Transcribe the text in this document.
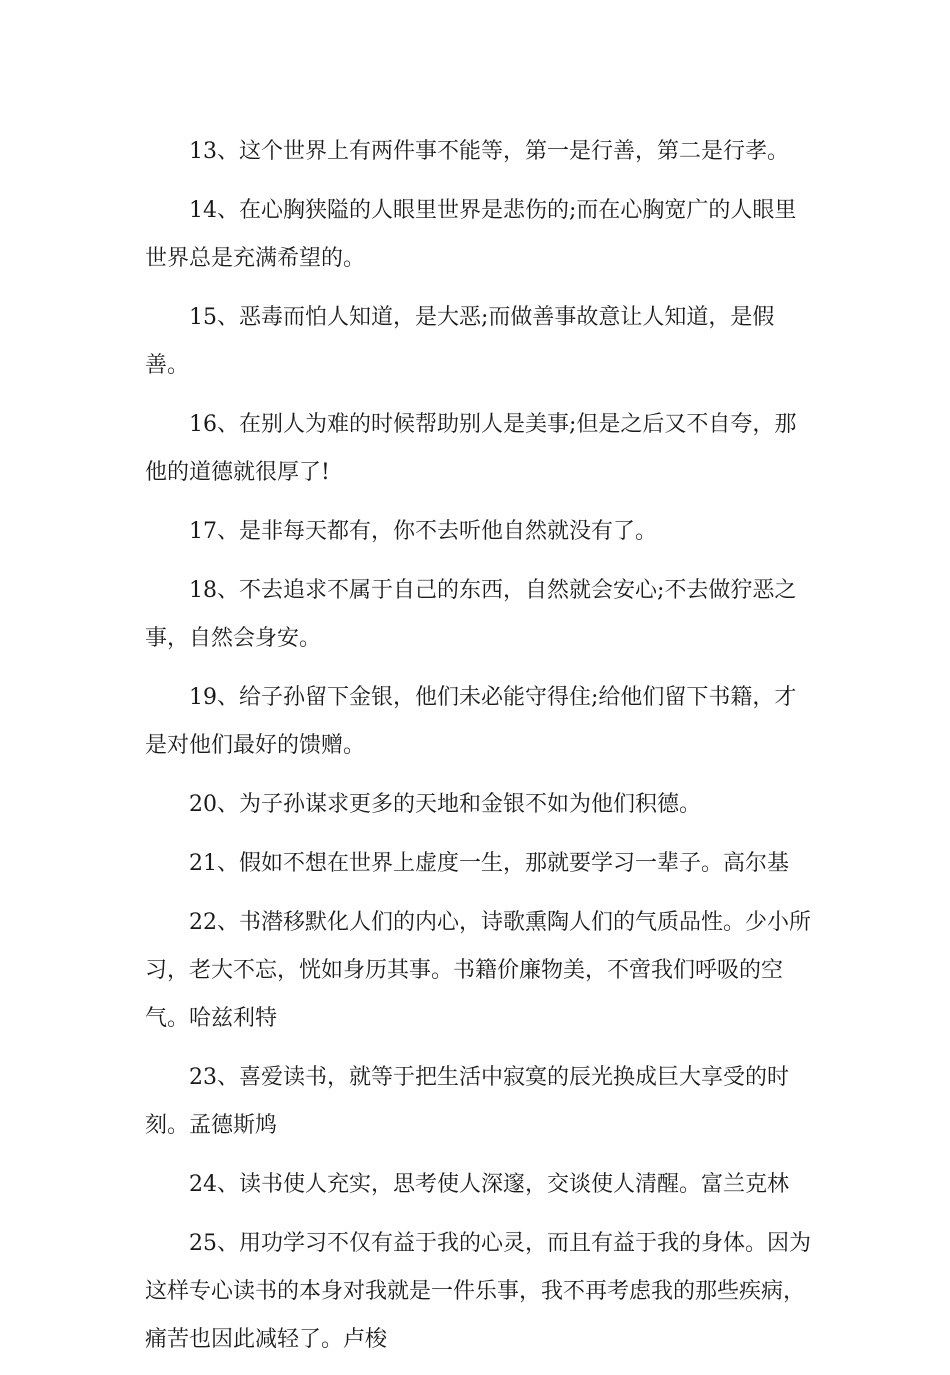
13、这个世界上有两件事不能等，第一是行善，第二是行孝。

14、在心胸狭隘的人眼里世界是悲伤的;而在心胸宽广的人眼里世界总是充满希望的。

15、恶毒而怕人知道，是大恶;而做善事故意让人知道，是假善。

16、在别人为难的时候帮助别人是美事;但是之后又不自夸，那他的道德就很厚了!

17、是非每天都有，你不去听他自然就没有了。

18、不去追求不属于自己的东西，自然就会安心;不去做狞恶之事，自然会身安。

19、给子孙留下金银，他们未必能守得住;给他们留下书籍，才是对他们最好的馈赠。

20、为子孙谋求更多的天地和金银不如为他们积德。

21、假如不想在世界上虚度一生，那就要学习一辈子。高尔基

22、书潜移默化人们的内心，诗歌熏陶人们的气质品性。少小所习，老大不忘，恍如身历其事。书籍价廉物美，不啻我们呼吸的空气。哈兹利特

23、喜爱读书，就等于把生活中寂寞的辰光换成巨大享受的时刻。孟德斯鸠

24、读书使人充实，思考使人深邃，交谈使人清醒。富兰克林

25、用功学习不仅有益于我的心灵，而且有益于我的身体。因为这样专心读书的本身对我就是一件乐事，我不再考虑我的那些疾病，痛苦也因此减轻了。卢梭
